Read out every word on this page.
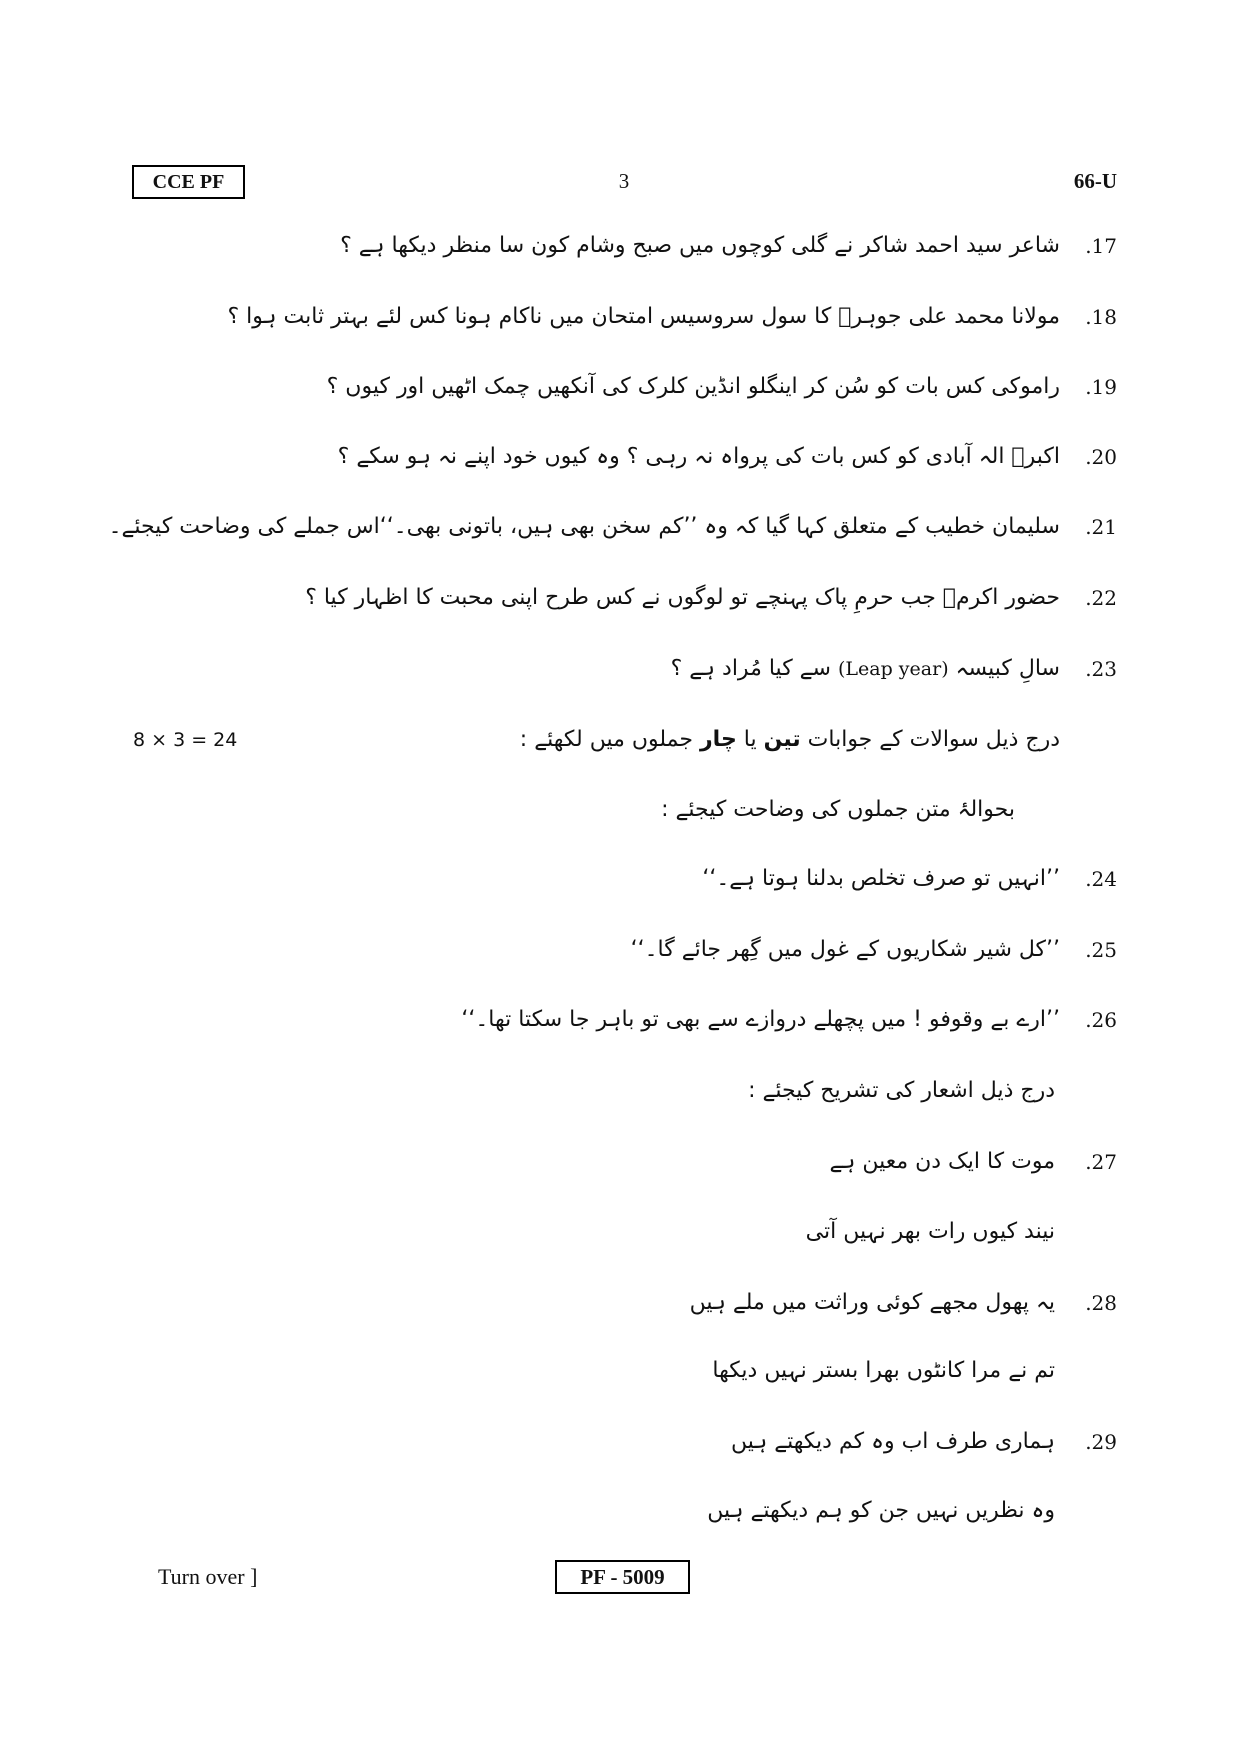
CCE PF	3	66-U
17.
شاعر سید احمد شاکر نے گلی کوچوں میں صبح وشام کون سا منظر دیکھا ہے ؟
18.
مولانا محمد علی جوہرؔ کا سول سروسیس امتحان میں ناکام ہونا کس لئے بہتر ثابت ہوا ؟
19.
راموکی کس بات کو سُن کر اینگلو انڈین کلرک کی آنکھیں چمک اٹھیں اور کیوں ؟
20.
اکبرؔ الہ آبادی کو کس بات کی پرواہ نہ رہی ؟ وہ کیوں خود اپنے نہ ہو سکے ؟
21.
سلیمان خطیب کے متعلق کہا گیا کہ وہ ’’کم سخن بھی ہیں، باتونی بھی۔‘‘اس جملے کی وضاحت کیجئے۔
22.
حضور اکرمؐ جب حرمِ پاک پہنچے تو لوگوں نے کس طرح اپنی محبت کا اظہار کیا ؟
23.
سالِ کبیسہ (Leap year) سے کیا مُراد ہے ؟
8 × 3 = 24	درج ذیل سوالات کے جوابات تین یا چار جملوں میں لکھئے :
بحوالۂ متن جملوں کی وضاحت کیجئے :
24.
’’انہیں تو صرف تخلص بدلنا ہوتا ہے۔‘‘
25.
’’کل شیر شکاریوں کے غول میں گِھر جائے گا۔‘‘
26.
’’ارے بے وقوفو ! میں پچھلے دروازے سے بھی تو باہر جا سکتا تھا۔‘‘
درج ذیل اشعار کی تشریح کیجئے :
27.
موت کا ایک دن معین ہے
نیند کیوں رات بھر نہیں آتی
28.
یہ پھول مجھے کوئی وراثت میں ملے ہیں
تم نے مرا کانٹوں بھرا بستر نہیں دیکھا
29.
ہماری طرف اب وہ کم دیکھتے ہیں
وہ نظریں نہیں جن کو ہم دیکھتے ہیں
Turn over ]	PF - 5009
